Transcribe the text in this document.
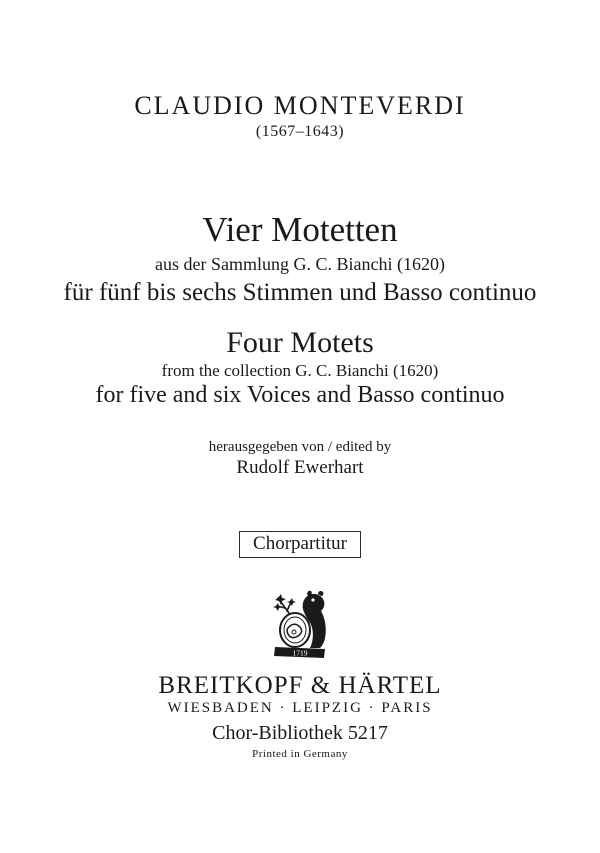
CLAUDIO MONTEVERDI
(1567–1643)
Vier Motetten
aus der Sammlung G. C. Bianchi (1620)
für fünf bis sechs Stimmen und Basso continuo
Four Motets
from the collection G. C. Bianchi (1620)
for five and six Voices and Basso continuo
herausgegeben von / edited by
Rudolf Ewerhart
Chorpartitur
1719
BREITKOPF & HÄRTEL
WIESBADEN · LEIPZIG · PARIS
Chor-Bibliothek 5217
Printed in Germany
